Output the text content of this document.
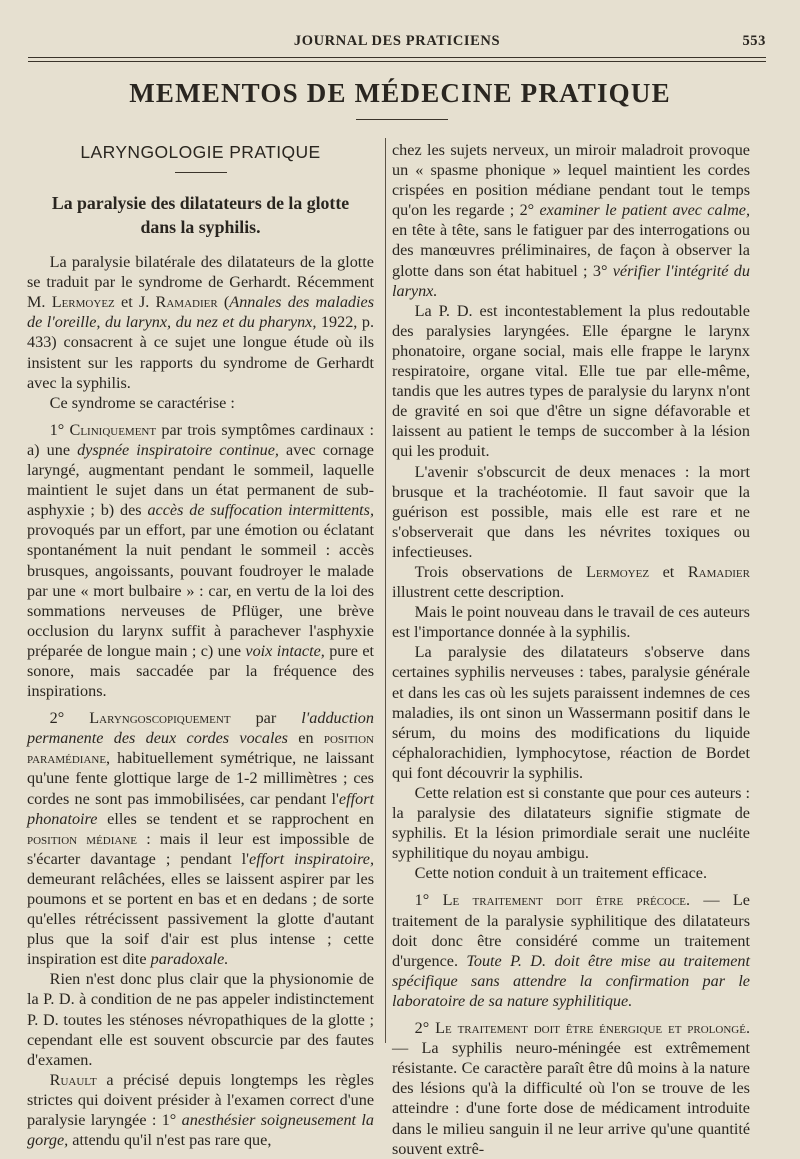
JOURNAL DES PRATICIENS	553
MEMENTOS DE MÉDECINE PRATIQUE
LARYNGOLOGIE PRATIQUE
La paralysie des dilatateurs de la glotte
dans la syphilis.

La paralysie bilatérale des dilatateurs de la glotte se traduit par le syndrome de Gerhardt. Récemment M. Lermoyez et J. Ramadier (Annales des maladies de l'oreille, du larynx, du nez et du pharynx, 1922, p. 433) consacrent à ce sujet une longue étude où ils insistent sur les rapports du syndrome de Gerhardt avec la syphilis.

Ce syndrome se caractérise :

1° Cliniquement par trois symptômes cardinaux : a) une dyspnée inspiratoire continue, avec cornage laryngé, augmentant pendant le sommeil, laquelle maintient le sujet dans un état permanent de sub-asphyxie ; b) des accès de suffocation intermittents, provoqués par un effort, par une émotion ou éclatant spontanément la nuit pendant le sommeil : accès brusques, angoissants, pouvant foudroyer le malade par une « mort bulbaire » : car, en vertu de la loi des sommations nerveuses de Pflüger, une brève occlusion du larynx suffit à parachever l'asphyxie préparée de longue main ; c) une voix intacte, pure et sonore, mais saccadée par la fréquence des inspirations.

2° Laryngoscopiquement par l'adduction permanente des deux cordes vocales en position paramédiane, habituellement symétrique, ne laissant qu'une fente glottique large de 1-2 millimètres ; ces cordes ne sont pas immobilisées, car pendant l'effort phonatoire elles se tendent et se rapprochent en position médiane : mais il leur est impossible de s'écarter davantage ; pendant l'effort inspiratoire, demeurant relâchées, elles se laissent aspirer par les poumons et se portent en bas et en dedans ; de sorte qu'elles rétrécissent passivement la glotte d'autant plus que la soif d'air est plus intense ; cette inspiration est dite paradoxale.

Rien n'est donc plus clair que la physionomie de la P. D. à condition de ne pas appeler indistinctement P. D. toutes les sténoses névropathiques de la glotte ; cependant elle est souvent obscurcie par des fautes d'examen.

Ruault a précisé depuis longtemps les règles strictes qui doivent présider à l'examen correct d'une paralysie laryngée : 1° anesthésier soigneusement la gorge, attendu qu'il n'est pas rare que,

chez les sujets nerveux, un miroir maladroit provoque un « spasme phonique » lequel maintient les cordes crispées en position médiane pendant tout le temps qu'on les regarde ; 2° examiner le patient avec calme, en tête à tête, sans le fatiguer par des interrogations ou des manœuvres préliminaires, de façon à observer la glotte dans son état habituel ; 3° vérifier l'intégrité du larynx.

La P. D. est incontestablement la plus redoutable des paralysies laryngées. Elle épargne le larynx phonatoire, organe social, mais elle frappe le larynx respiratoire, organe vital. Elle tue par elle-même, tandis que les autres types de paralysie du larynx n'ont de gravité en soi que d'être un signe défavorable et laissent au patient le temps de succomber à la lésion qui les produit.

L'avenir s'obscurcit de deux menaces : la mort brusque et la trachéotomie. Il faut savoir que la guérison est possible, mais elle est rare et ne s'observerait que dans les névrites toxiques ou infectieuses.

Trois observations de Lermoyez et Ramadier illustrent cette description.

Mais le point nouveau dans le travail de ces auteurs est l'importance donnée à la syphilis.

La paralysie des dilatateurs s'observe dans certaines syphilis nerveuses : tabes, paralysie générale et dans les cas où les sujets paraissent indemnes de ces maladies, ils ont sinon un Wassermann positif dans le sérum, du moins des modifications du liquide céphalorachidien, lymphocytose, réaction de Bordet qui font découvrir la syphilis.

Cette relation est si constante que pour ces auteurs : la paralysie des dilatateurs signifie stigmate de syphilis. Et la lésion primordiale serait une nucléite syphilitique du noyau ambigu.

Cette notion conduit à un traitement efficace.

1° Le traitement doit être précoce. — Le traitement de la paralysie syphilitique des dilatateurs doit donc être considéré comme un traitement d'urgence. Toute P. D. doit être mise au traitement spécifique sans attendre la confirmation par le laboratoire de sa nature syphilitique.

2° Le traitement doit être énergique et prolongé. — La syphilis neuro-méningée est extrêmement résistante. Ce caractère paraît être dû moins à la nature des lésions qu'à la difficulté où l'on se trouve de les atteindre : d'une forte dose de médicament introduite dans le milieu sanguin il ne leur arrive qu'une quantité souvent extrê-
